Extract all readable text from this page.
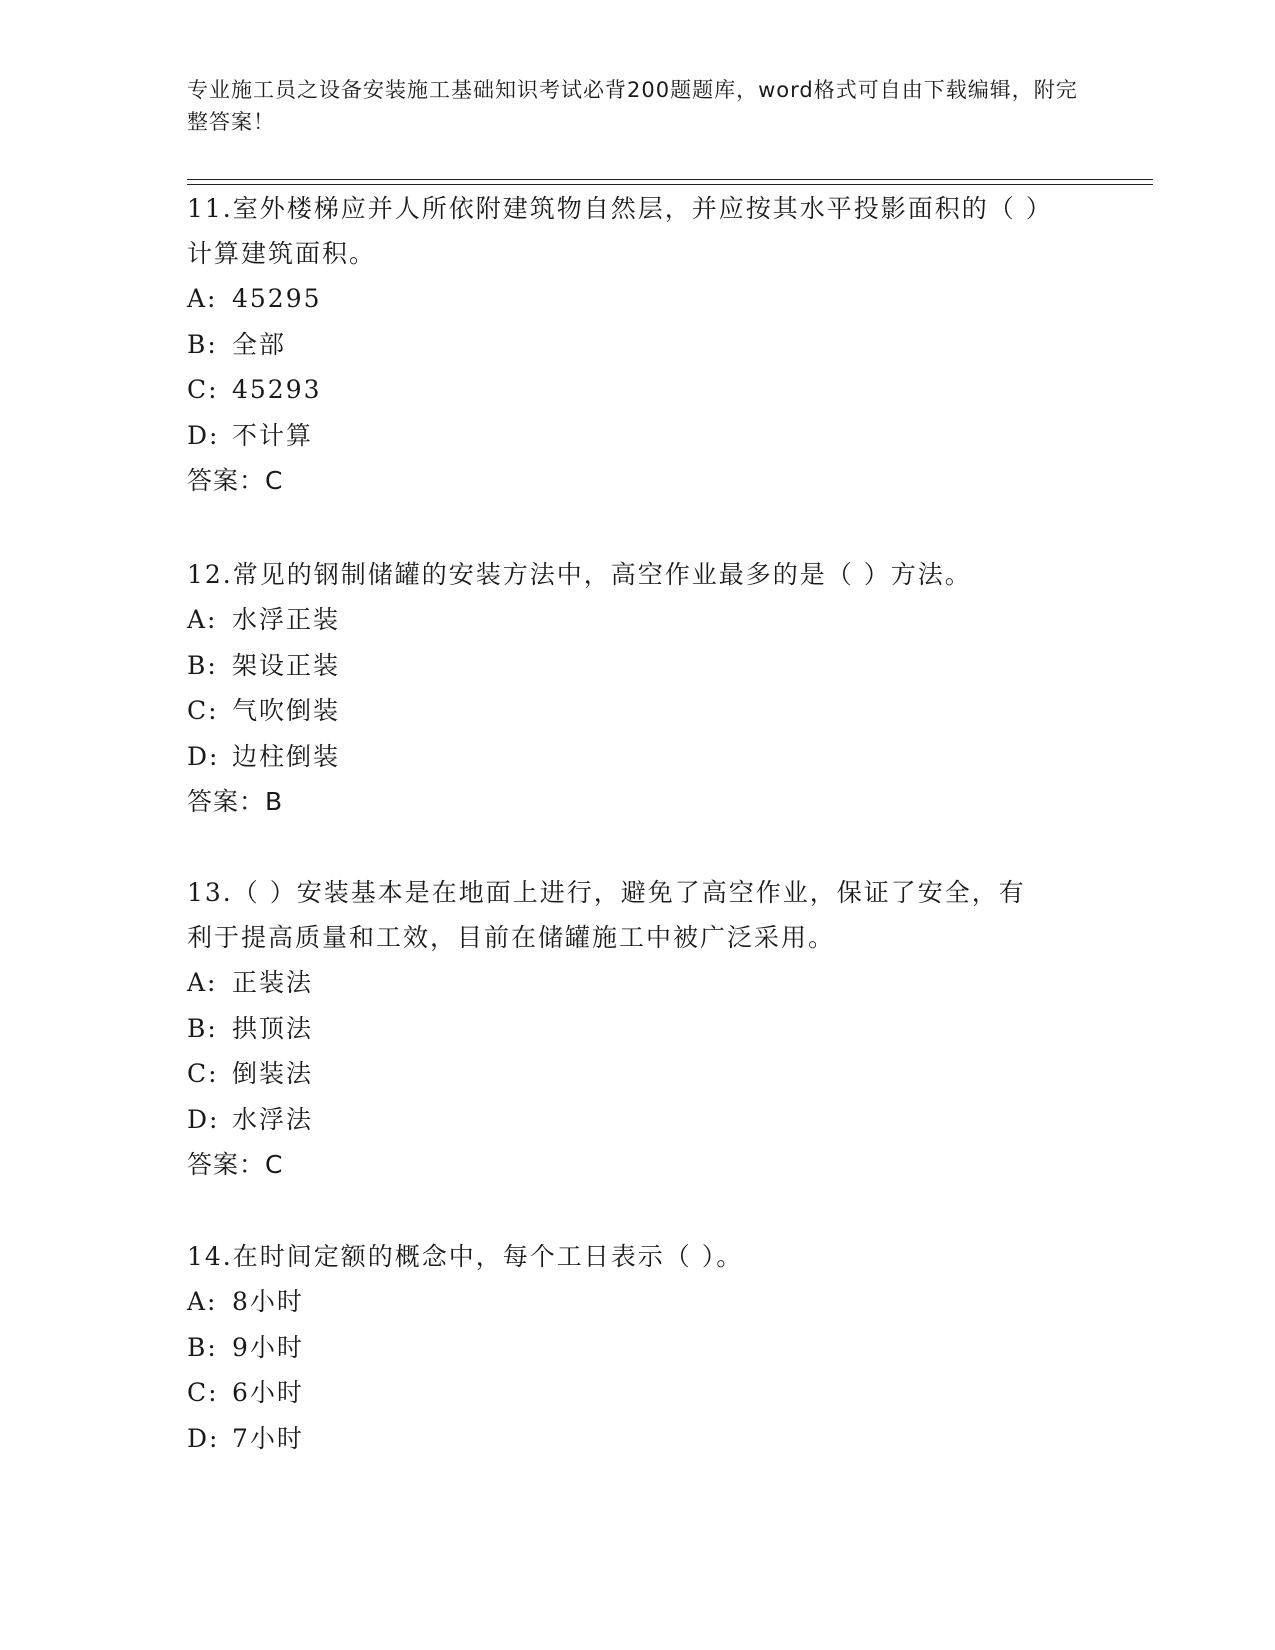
专业施工员之设备安装施工基础知识考试必背200题题库，word格式可自由下载编辑，附完整答案！

11.室外楼梯应并人所依附建筑物自然层，并应按其水平投影面积的（ ）计算建筑面积。

A: 45295

B: 全部

C: 45293

D: 不计算

答案：C

12.常见的钢制储罐的安装方法中，高空作业最多的是（ ）方法。

A: 水浮正装

B: 架设正装

C: 气吹倒装

D: 边柱倒装

答案：B

13.（ ）安装基本是在地面上进行，避免了高空作业，保证了安全，有利于提高质量和工效，目前在储罐施工中被广泛采用。

A: 正装法

B: 拱顶法

C: 倒装法

D: 水浮法

答案：C

14.在时间定额的概念中，每个工日表示（ ）。

A: 8小时

B: 9小时

C: 6小时

D: 7小时
